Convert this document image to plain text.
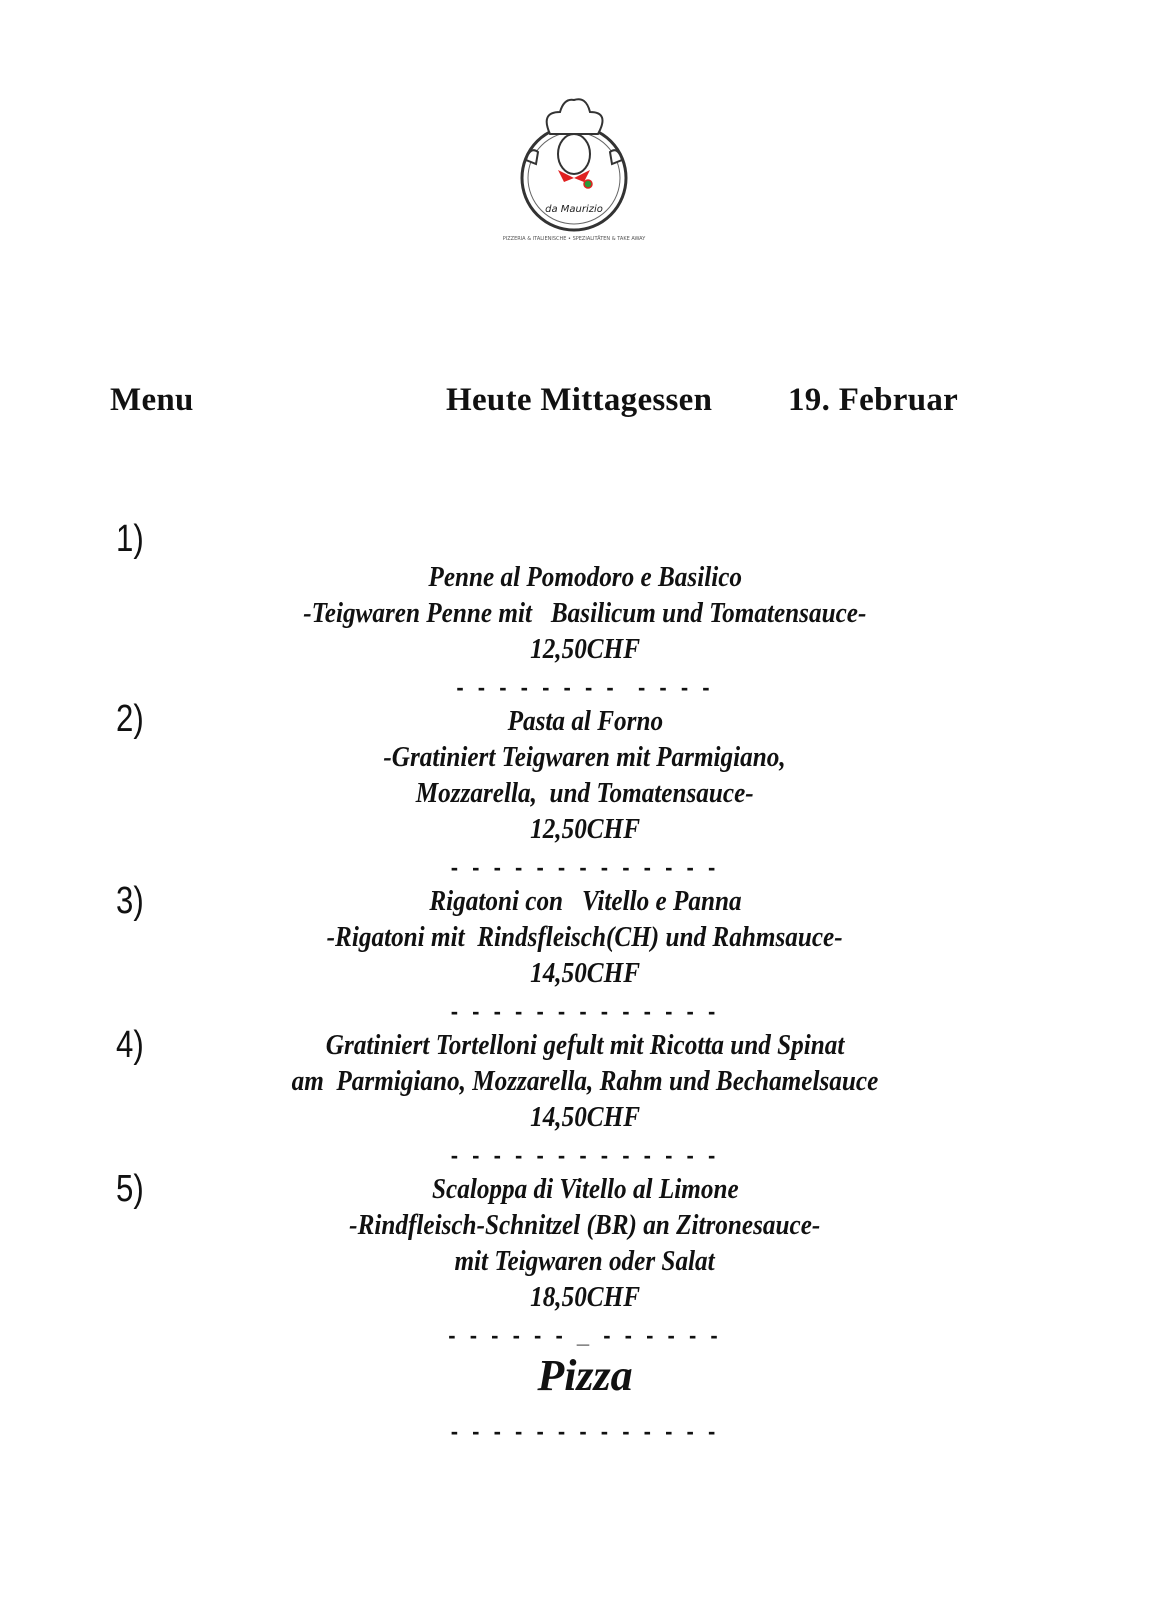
da Maurizio
PIZZERIA & ITALIENISCHE • SPEZIALITÄTEN & TAKE AWAY
Menu	Heute Mittagessen 19. Februar
1)
Penne al Pomodoro e Basilico
-Teigwaren Penne mit   Basilicum und Tomatensauce-
12,50CHF
- - - - - - - -  - - - -
2)	Pasta al Forno
-Gratiniert Teigwaren mit Parmigiano,
Mozzarella,  und Tomatensauce-
12,50CHF
- - - - - - - - - - - - -
3)	Rigatoni con   Vitello e Panna
-Rigatoni mit  Rindsfleisch(CH) und Rahmsauce-
14,50CHF
- - - - - - - - - - - - -
4)	Gratiniert Tortelloni gefult mit Ricotta und Spinat
am  Parmigiano, Mozzarella, Rahm und Bechamelsauce
14,50CHF
- - - - - - - - - - - - -
5)	Scaloppa di Vitello al Limone
-Rindfleisch-Schnitzel (BR) an Zitronesauce-
mit Teigwaren oder Salat
18,50CHF
- - - - - - _ - - - - - -
Pizza
- - - - - - - - - - - - -
